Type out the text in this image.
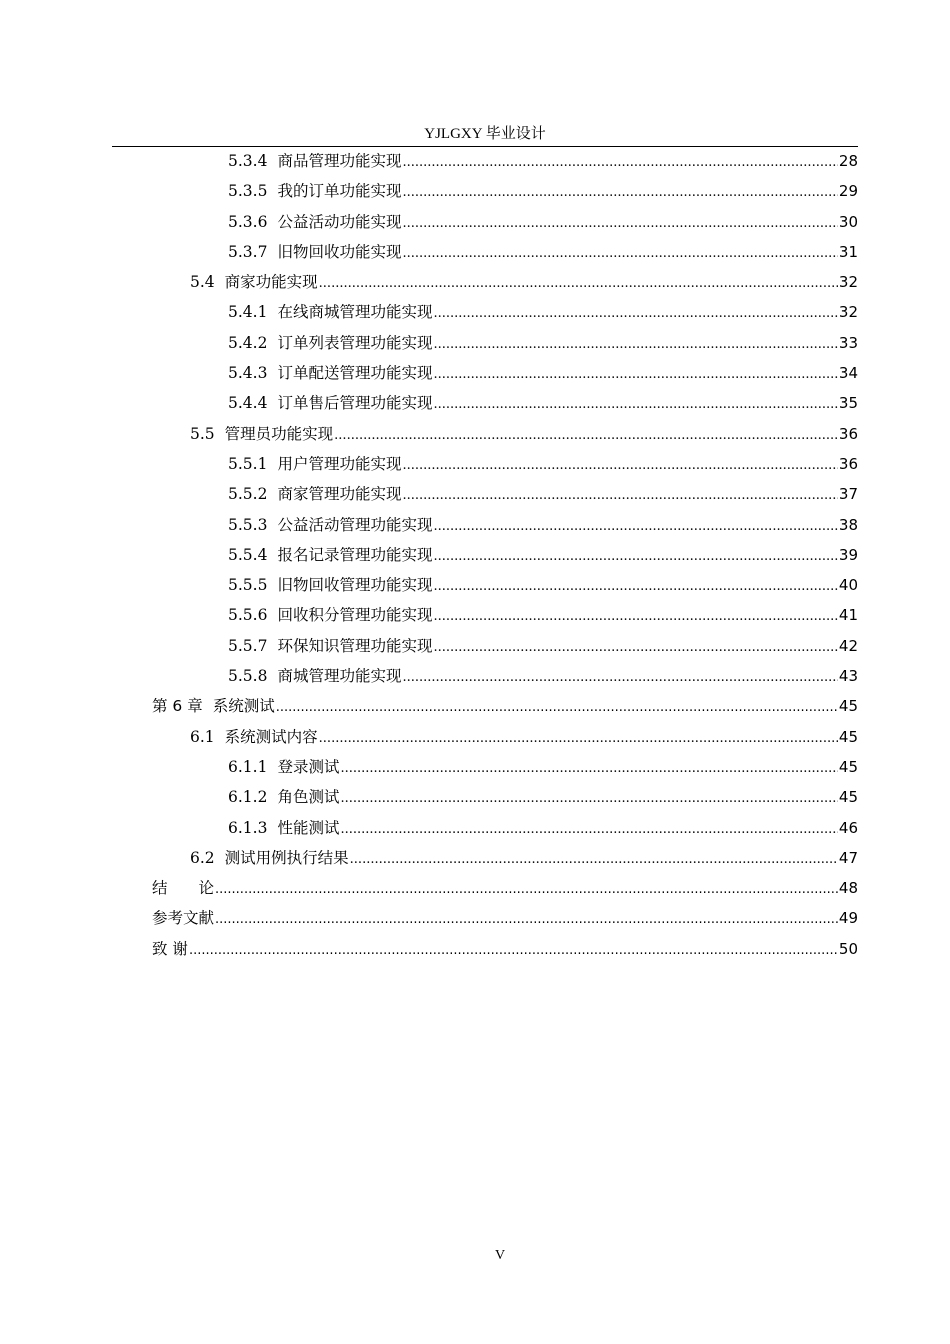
YJLGXY 毕业设计
5.3.4 商品管理功能实现 .....	28
5.3.5 我的订单功能实现 .....	29
5.3.6 公益活动功能实现 .....	30
5.3.7 旧物回收功能实现 .....	31
5.4 商家功能实现 .....	32
5.4.1 在线商城管理功能实现 .....	32
5.4.2 订单列表管理功能实现 .....	33
5.4.3 订单配送管理功能实现 .....	34
5.4.4 订单售后管理功能实现 .....	35
5.5 管理员功能实现 .....	36
5.5.1 用户管理功能实现 .....	36
5.5.2 商家管理功能实现 .....	37
5.5.3 公益活动管理功能实现 .....	38
5.5.4 报名记录管理功能实现 .....	39
5.5.5 旧物回收管理功能实现 .....	40
5.5.6 回收积分管理功能实现 .....	41
5.5.7 环保知识管理功能实现 .....	42
5.5.8 商城管理功能实现 .....	43
第 6 章 系统测试 .....	45
6.1 系统测试内容 .....	45
6.1.1 登录测试 .....	45
6.1.2 角色测试 .....	45
6.1.3 性能测试 .....	46
6.2 测试用例执行结果 .....	47
结　　论 .....	48
参考文献 .....	49
致 谢 .....	50
V
